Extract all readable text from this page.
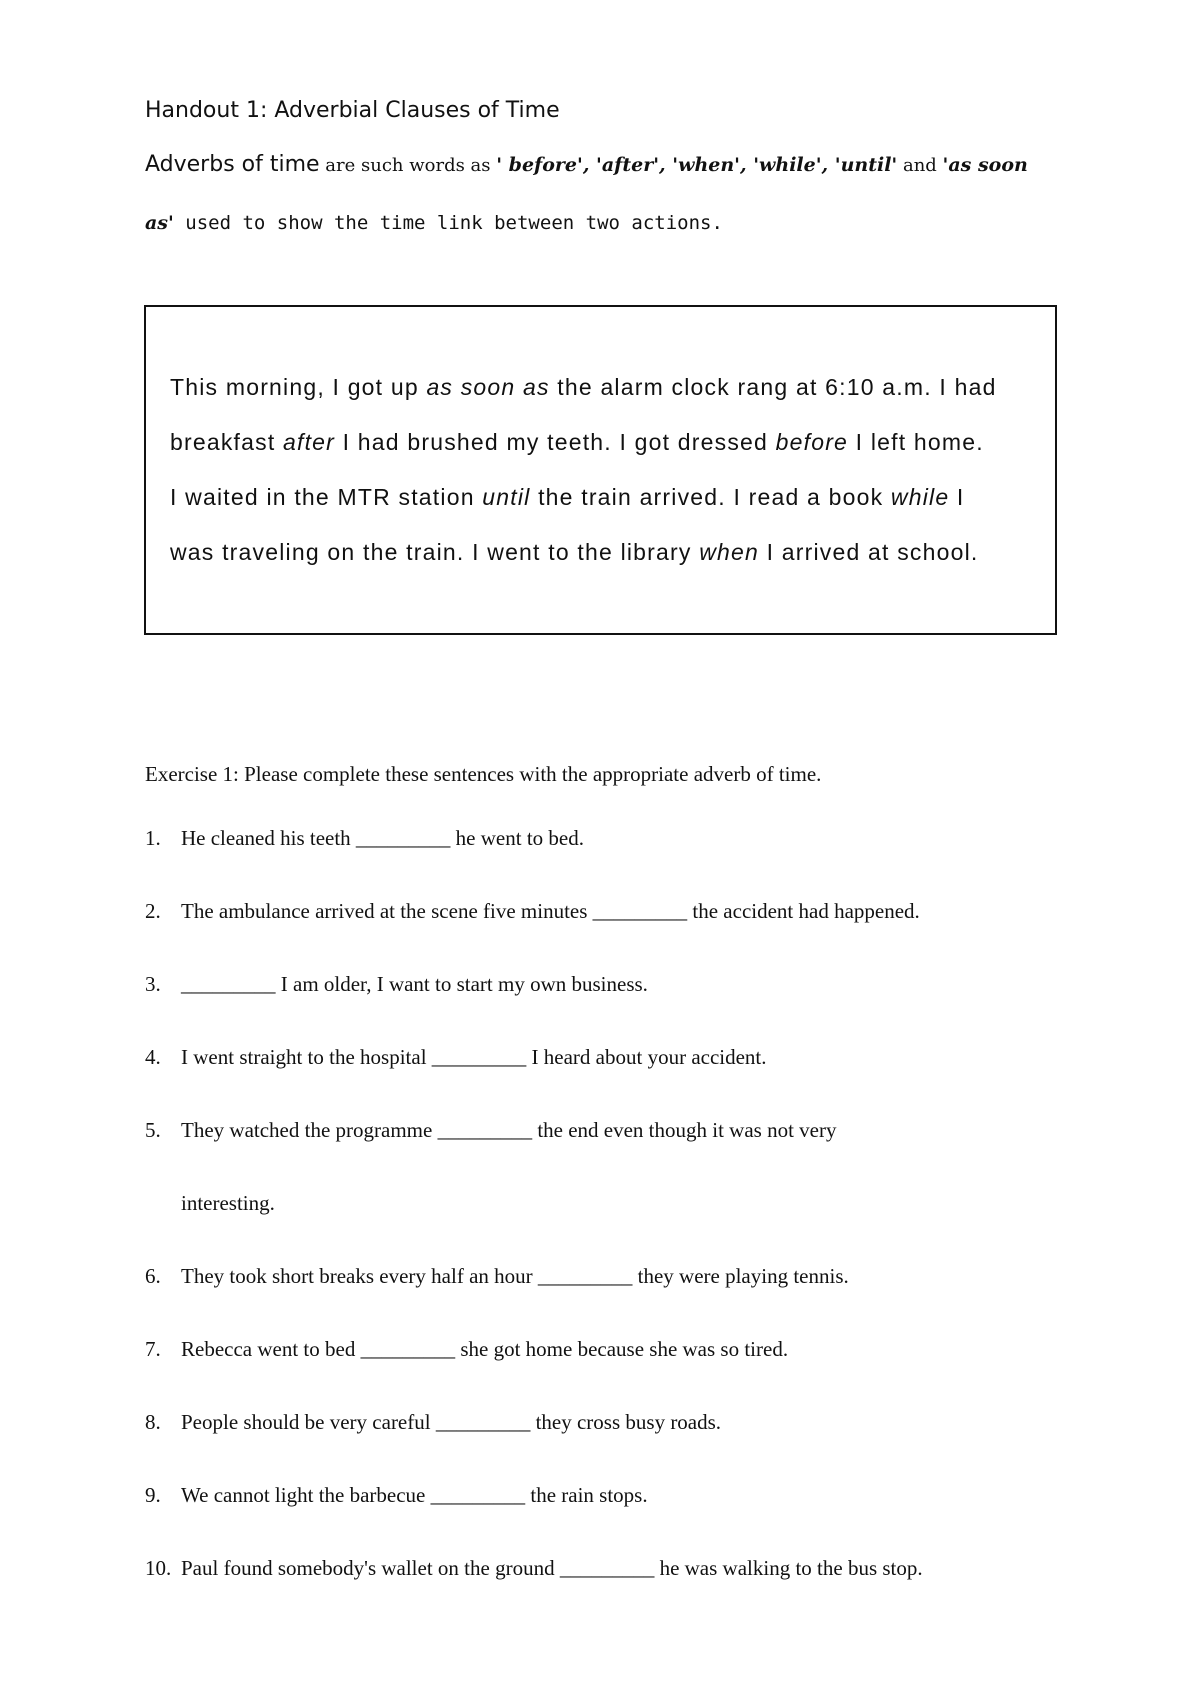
Handout 1: Adverbial Clauses of Time
Adverbs of time are such words as ' before', 'after', 'when', 'while', 'until' and 'as soon
as' used to show the time link between two actions.
This morning, I got up as soon as the alarm clock rang at 6:10 a.m. I had
breakfast after I had brushed my teeth. I got dressed before I left home.
I waited in the MTR station until the train arrived. I read a book while I
was traveling on the train. I went to the library when I arrived at school.
Exercise 1: Please complete these sentences with the appropriate adverb of time.
1. He cleaned his teeth _________ he went to bed.
2. The ambulance arrived at the scene five minutes _________ the accident had happened.
3. _________ I am older, I want to start my own business.
4. I went straight to the hospital _________ I heard about your accident.
5. They watched the programme _________ the end even though it was not very
interesting.
6. They took short breaks every half an hour _________ they were playing tennis.
7. Rebecca went to bed _________ she got home because she was so tired.
8. People should be very careful _________ they cross busy roads.
9. We cannot light the barbecue _________ the rain stops.
10. Paul found somebody's wallet on the ground _________ he was walking to the bus stop.
